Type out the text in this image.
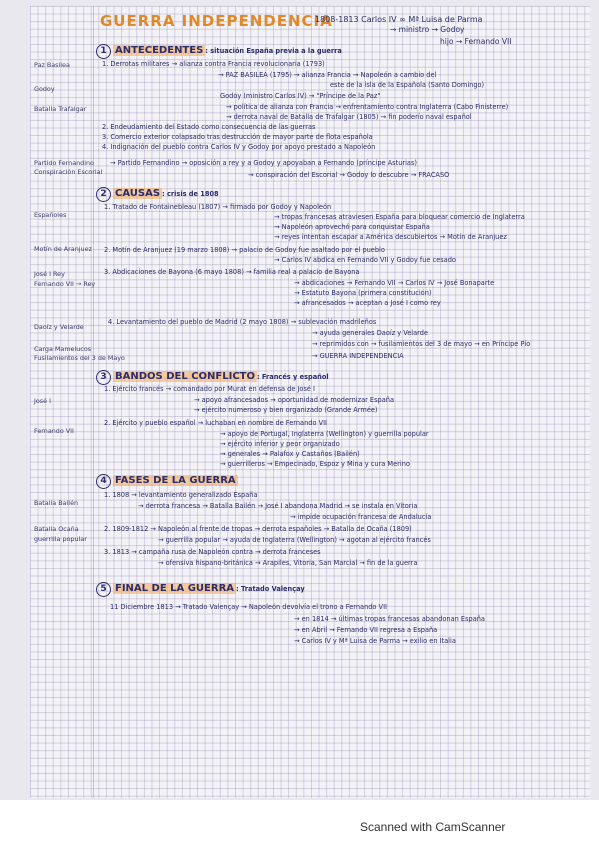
GUERRA INDEPENDENCIA
1808-1813 Carlos IV ∞ Mª Luisa de Parma
→ ministro → Godoy
hijo → Fernando VII
Paz Basilea
Godoy
Batalla Trafalgar
Partido Fernandino
Conspiración Escorial
Españoles
Motín de Aranjuez
José I Rey
Fernando VII → Rey
Daoíz y Velarde
Carga Mamelucos
Fusilamientos del 3 de Mayo
José I
Fernando VII
Batalla Bailén
Batalla Ocaña
guerrilla popular
1 ANTECEDENTES : situación España previa a la guerra
1. Derrotas militares → alianza contra Francia revolucionaria (1793)
→ PAZ BASILEA (1795) → alianza Francia → Napoleón a cambio del
este de la isla de la Española (Santo Domingo)
Godoy (ministro Carlos IV) → "Príncipe de la Paz"
→ política de alianza con Francia → enfrentamiento contra Inglaterra (Cabo Finisterre)
→ derrota naval de Batalla de Trafalgar (1805) → fin poderío naval español
2. Endeudamiento del Estado como consecuencia de las guerras
3. Comercio exterior colapsado tras destrucción de mayor parte de flota española
4. Indignación del pueblo contra Carlos IV y Godoy por apoyo prestado a Napoleón
→ Partido Fernandino → oposición a rey y a Godoy y apoyaban a Fernando (príncipe Asturias)
→ conspiración del Escorial → Godoy lo descubre → FRACASO
2 CAUSAS : crisis de 1808
1. Tratado de Fontainebleau (1807) → firmado por Godoy y Napoleón
→ tropas francesas atraviesen España para bloquear comercio de Inglaterra
→ Napoleón aprovechó para conquistar España
→ reyes intentan escapar a América descubiertos → Motín de Aranjuez
2. Motín de Aranjuez (19 marzo 1808) → palacio de Godoy fue asaltado por el pueblo
→ Carlos IV abdica en Fernando VII y Godoy fue cesado
3. Abdicaciones de Bayona (6 mayo 1808) → familia real a palacio de Bayona
→ abdicaciones → Fernando VII → Carlos IV → José Bonaparte
→ Estatuto Bayona (primera constitución)
→ afrancesados → aceptan a José I como rey
4. Levantamiento del pueblo de Madrid (2 mayo 1808) → sublevación madrileños
→ ayuda generales Daoíz y Velarde
→ reprimidos con → fusilamientos del 3 de mayo → en Príncipe Pío
→ GUERRA INDEPENDENCIA
3 BANDOS DEL CONFLICTO : Francés y español
1. Ejército francés → comandado por Murat en defensa de José I
→ apoyo afrancesados → oportunidad de modernizar España
→ ejército numeroso y bien organizado (Grande Armée)
2. Ejército y pueblo español → luchaban en nombre de Fernando VII
→ apoyo de Portugal, Inglaterra (Wellington) y guerrilla popular
→ ejército inferior y peor organizado
→ generales → Palafox y Castaños (Bailén)
→ guerrilleros → Empecinado, Espoz y Mina y cura Merino
4 FASES DE LA GUERRA
1. 1808 → levantamiento generalizado España
→ derrota francesa → Batalla Bailén → José I abandona Madrid → se instala en Vitoria
→ impide ocupación francesa de Andalucía
2. 1809-1812 → Napoleón al frente de tropas → derrota españoles → Batalla de Ocaña (1809)
→ guerrilla popular → ayuda de Inglaterra (Wellington) → agotan al ejército francés
3. 1813 → campaña rusa de Napoleón contra → derrota franceses
→ ofensiva hispano-británica → Arapiles, Vitoria, San Marcial → fin de la guerra
5 FINAL DE LA GUERRA : Tratado Valençay
11 Diciembre 1813 → Tratado Valençay → Napoleón devolvía el trono a Fernando VII
→ en 1814 → últimas tropas francesas abandonan España
→ en Abril → Fernando VII regresa a España
→ Carlos IV y Mª Luisa de Parma → exilio en Italia
Scanned with CamScanner
